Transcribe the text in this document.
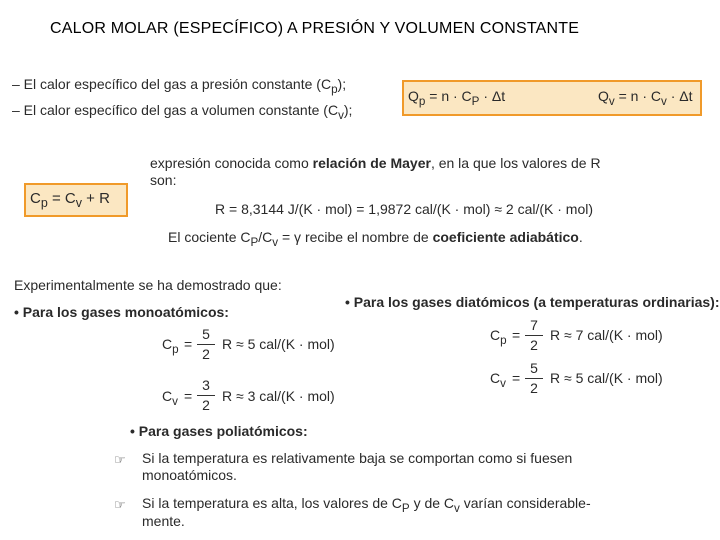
CALOR MOLAR (ESPECÍFICO) A PRESIÓN Y VOLUMEN CONSTANTE
– El calor específico del gas a presión constante $(C_p)$;
– El calor específico del gas a volumen constante $(C_v)$;
$Q_p = n \cdot C_P \cdot \Delta t$	$Q_v = n \cdot C_v \cdot \Delta t$
expresión conocida como relación de Mayer, en la que los valores de R
son:
$C_p = C_v + R$
R = 8,3144 J/(K · mol) = 1,9872 cal/(K · mol) ≈ 2 cal/(K · mol)
El cociente $C_P/C_v = \gamma$ recibe el nombre de coeficiente adiabático.
Experimentalmente se ha demostrado que:
• Para los gases monoatómicos:
$C_p$ =
5
2
R ≈ 5 cal/(K · mol)
$C_v$ =
3
2
R ≈ 3 cal/(K · mol)
• Para los gases diatómicos (a temperaturas ordinarias):
$C_p$ =
7
2
R ≈ 7 cal/(K · mol)
$C_v$ =
5
2
R ≈ 5 cal/(K · mol)
• Para gases poliatómicos:
☞ Si la temperatura es relativamente baja se comportan como si fuesen
monoatómicos.
☞ Si la temperatura es alta, los valores de $C_P$ y de $C_v$ varían considerable-
mente.
